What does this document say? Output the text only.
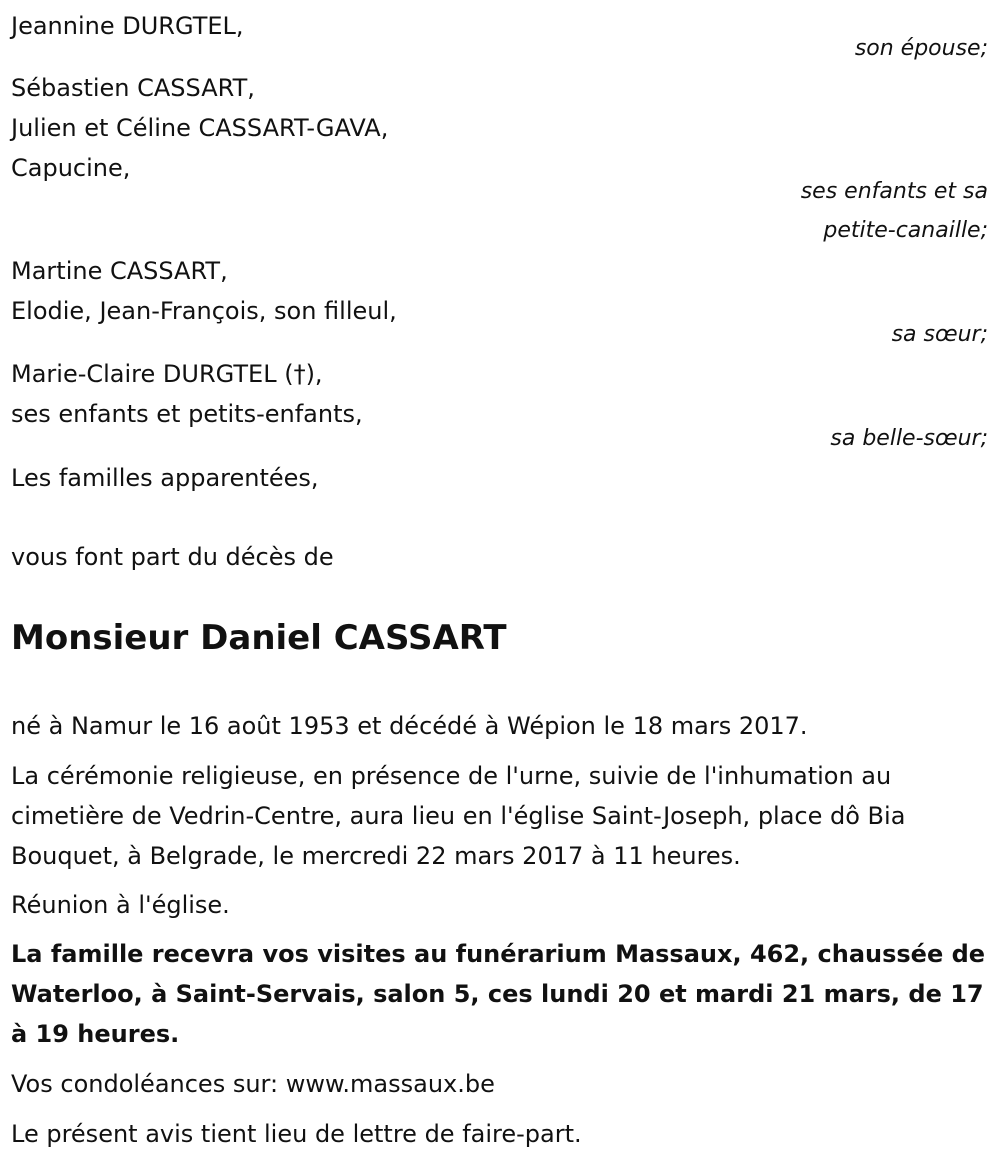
Jeannine DURGTEL,
son épouse;
Sébastien CASSART,
Julien et Céline CASSART-GAVA,
Capucine,
ses enfants et sa
petite-canaille;
Martine CASSART,
Elodie, Jean-François, son filleul,
sa sœur;
Marie-Claire DURGTEL (†),
ses enfants et petits-enfants,
sa belle-sœur;
Les familles apparentées,
vous font part du décès de
Monsieur Daniel CASSART
né à Namur le 16 août 1953 et décédé à Wépion le 18 mars 2017.
La cérémonie religieuse, en présence de l'urne, suivie de l'inhumation au cimetière de Vedrin-Centre, aura lieu en l'église Saint-Joseph, place dô Bia Bouquet, à Belgrade, le mercredi 22 mars 2017 à 11 heures.
Réunion à l'église.
La famille recevra vos visites au funérarium Massaux, 462, chaussée de Waterloo, à Saint-Servais, salon 5, ces lundi 20 et mardi 21 mars, de 17 à 19 heures.
Vos condoléances sur: www.massaux.be
Le présent avis tient lieu de lettre de faire-part.
